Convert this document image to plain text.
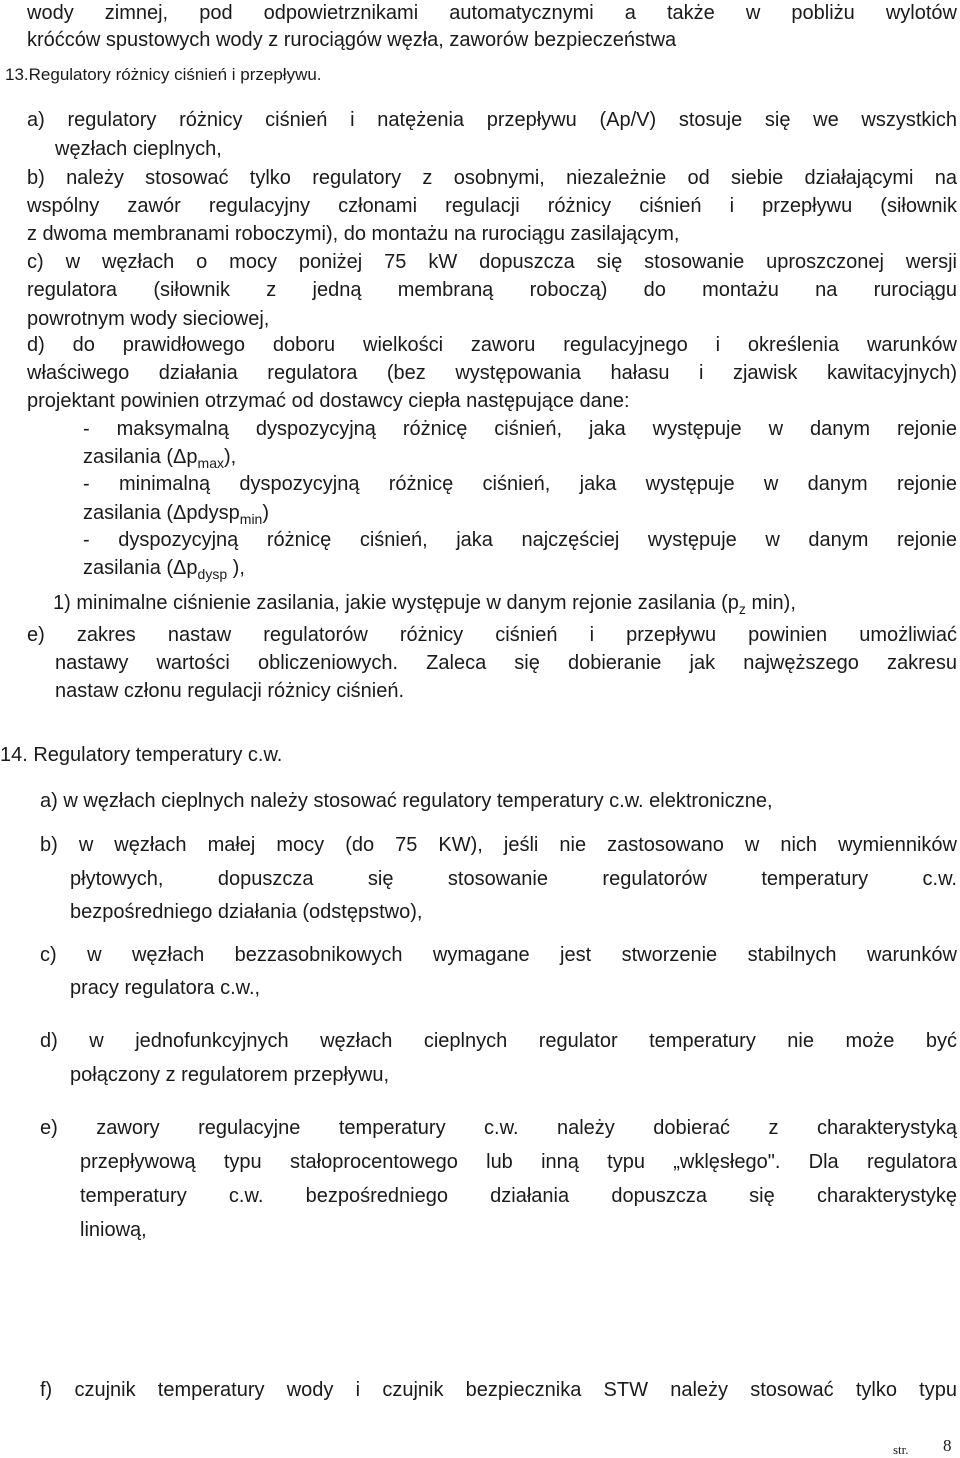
wody zimnej, pod odpowietrznikami automatycznymi a także w pobliżu wylotów
króćców spustowych wody z rurociągów węzła, zaworów bezpieczeństwa
13.Regulatory różnicy ciśnień i przepływu.
a) regulatory różnicy ciśnień i natężenia przepływu (Ap/V) stosuje się we wszystkich
węzłach cieplnych,
b) należy stosować tylko regulatory z osobnymi, niezależnie od siebie działającymi na
wspólny zawór regulacyjny członami regulacji różnicy ciśnień i przepływu (siłownik
z dwoma membranami roboczymi), do montażu na rurociągu zasilającym,
c) w węzłach o mocy poniżej 75 kW dopuszcza się stosowanie uproszczonej wersji
regulatora (siłownik z jedną membraną roboczą) do montażu na rurociągu
powrotnym wody sieciowej,
d) do prawidłowego doboru wielkości zaworu regulacyjnego i określenia warunków
właściwego działania regulatora (bez występowania hałasu i zjawisk kawitacyjnych)
projektant powinien otrzymać od dostawcy ciepła następujące dane:
- maksymalną dyspozycyjną różnicę ciśnień, jaka występuje w danym rejonie
zasilania $(\Delta p_{max})$,
- minimalną dyspozycyjną różnicę ciśnień, jaka występuje w danym rejonie
zasilania (Δpdysp$_{min}$)
- dyspozycyjną różnicę ciśnień, jaka najczęściej występuje w danym rejonie
zasilania ($\Delta p_{dysp}$ ),
1) minimalne ciśnienie zasilania, jakie występuje w danym rejonie zasilania ($p_z$ min),
e) zakres nastaw regulatorów różnicy ciśnień i przepływu powinien umożliwiać
nastawy wartości obliczeniowych. Zaleca się dobieranie jak najwęższego zakresu
nastaw członu regulacji różnicy ciśnień.
14. Regulatory temperatury c.w.
a) w węzłach cieplnych należy stosować regulatory temperatury c.w. elektroniczne,
b) w węzłach małej mocy (do 75 KW), jeśli nie zastosowano w nich wymienników
płytowych, dopuszcza się stosowanie regulatorów temperatury c.w.
bezpośredniego działania (odstępstwo),
c) w węzłach bezzasobnikowych wymagane jest stworzenie stabilnych warunków
pracy regulatora c.w.,
d) w jednofunkcyjnych węzłach cieplnych regulator temperatury nie może być
połączony z regulatorem przepływu,
e) zawory regulacyjne temperatury c.w. należy dobierać z charakterystyką
przepływową typu stałoprocentowego lub inną typu „wklęsłego". Dla regulatora
temperatury c.w. bezpośredniego działania dopuszcza się charakterystykę
liniową,
f) czujnik temperatury wody i czujnik bezpiecznika STW należy stosować tylko typu
str. 8
